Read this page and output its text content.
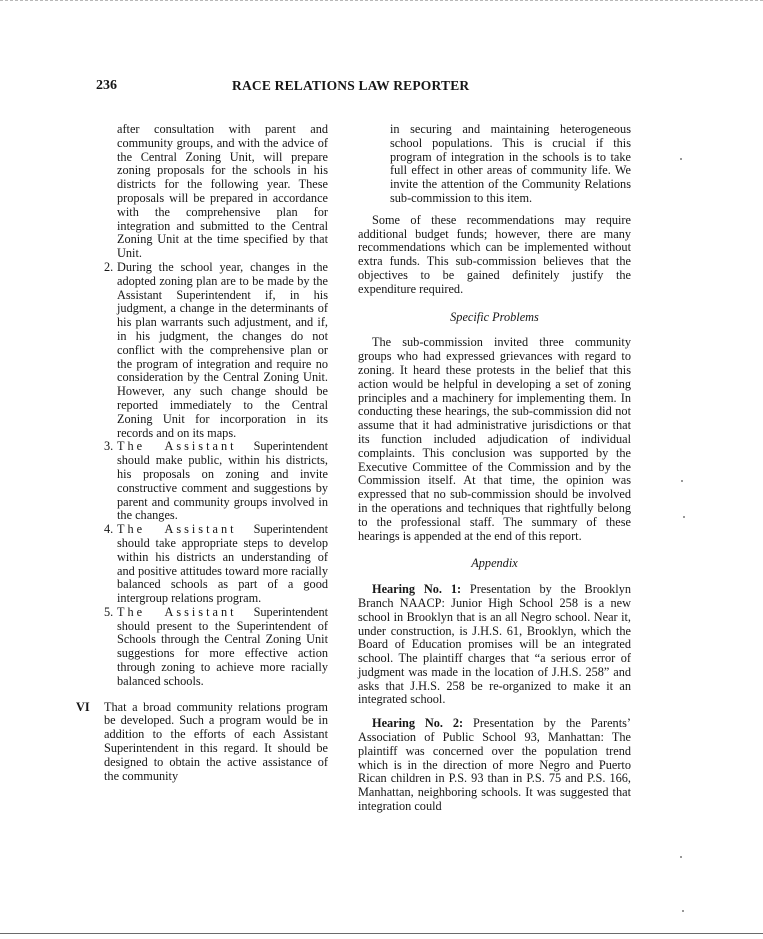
236	RACE RELATIONS LAW REPORTER
after consultation with parent and community groups, and with the advice of the Central Zoning Unit, will prepare zoning proposals for the schools in his districts for the following year. These proposals will be prepared in accordance with the comprehensive plan for integration and submitted to the Central Zoning Unit at the time specified by that Unit.
2. During the school year, changes in the adopted zoning plan are to be made by the Assistant Superintendent if, in his judgment, a change in the determinants of his plan warrants such adjustment, and if, in his judgment, the changes do not conflict with the comprehensive plan or the program of integration and require no consideration by the Central Zoning Unit. However, any such change should be reported immediately to the Central Zoning Unit for incorporation in its records and on its maps.
3. The Assistant Superintendent should make public, within his districts, his proposals on zoning and invite constructive comment and suggestions by parent and community groups involved in the changes.
4. The Assistant Superintendent should take appropriate steps to develop within his districts an understanding of and positive attitudes toward more racially balanced schools as part of a good intergroup relations program.
5. The Assistant Superintendent should present to the Superintendent of Schools through the Central Zoning Unit suggestions for more effective action through zoning to achieve more racially balanced schools.
VI That a broad community relations program be developed. Such a program would be in addition to the efforts of each Assistant Superintendent in this regard. It should be designed to obtain the active assistance of the community
in securing and maintaining heterogeneous school populations. This is crucial if this program of integration in the schools is to take full effect in other areas of community life. We invite the attention of the Community Relations sub-commission to this item.

Some of these recommendations may require additional budget funds; however, there are many recommendations which can be implemented without extra funds. This sub-commission believes that the objectives to be gained definitely justify the expenditure required.

Specific Problems

The sub-commission invited three community groups who had expressed grievances with regard to zoning. It heard these protests in the belief that this action would be helpful in developing a set of zoning principles and a machinery for implementing them. In conducting these hearings, the sub-commission did not assume that it had administrative jurisdictions or that its function included adjudication of individual complaints. This conclusion was supported by the Executive Committee of the Commission and by the Commission itself. At that time, the opinion was expressed that no sub-commission should be involved in the operations and techniques that rightfully belong to the professional staff. The summary of these hearings is appended at the end of this report.

Appendix

Hearing No. 1: Presentation by the Brooklyn Branch NAACP: Junior High School 258 is a new school in Brooklyn that is an all Negro school. Near it, under construction, is J.H.S. 61, Brooklyn, which the Board of Education promises will be an integrated school. The plaintiff charges that “a serious error of judgment was made in the location of J.H.S. 258” and asks that J.H.S. 258 be re-organized to make it an integrated school.

Hearing No. 2: Presentation by the Parents’ Association of Public School 93, Manhattan: The plaintiff was concerned over the population trend which is in the direction of more Negro and Puerto Rican children in P.S. 93 than in P.S. 75 and P.S. 166, Manhattan, neighboring schools. It was suggested that integration could
